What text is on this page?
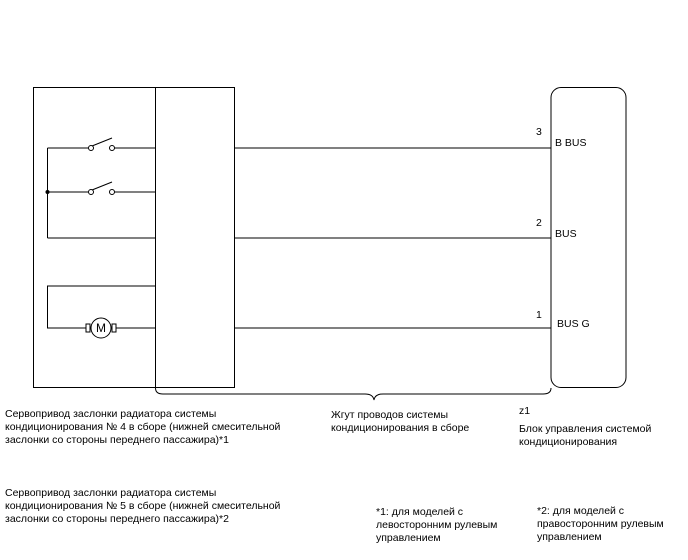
M
3
2
1
B BUS
BUS
BUS G
Сервопривод заслонки радиатора системы
кондиционирования № 4 в сборе (нижней смесительной
заслонки со стороны переднего пассажира)*1
Жгут проводов системы
кондиционирования в сборе
z1
Блок управления системой
кондиционирования
Сервопривод заслонки радиатора системы
кондиционирования № 5 в сборе (нижней смесительной
заслонки со стороны переднего пассажира)*2
*1: для моделей с
левосторонним рулевым
управлением
*2: для моделей с
правосторонним рулевым
управлением
